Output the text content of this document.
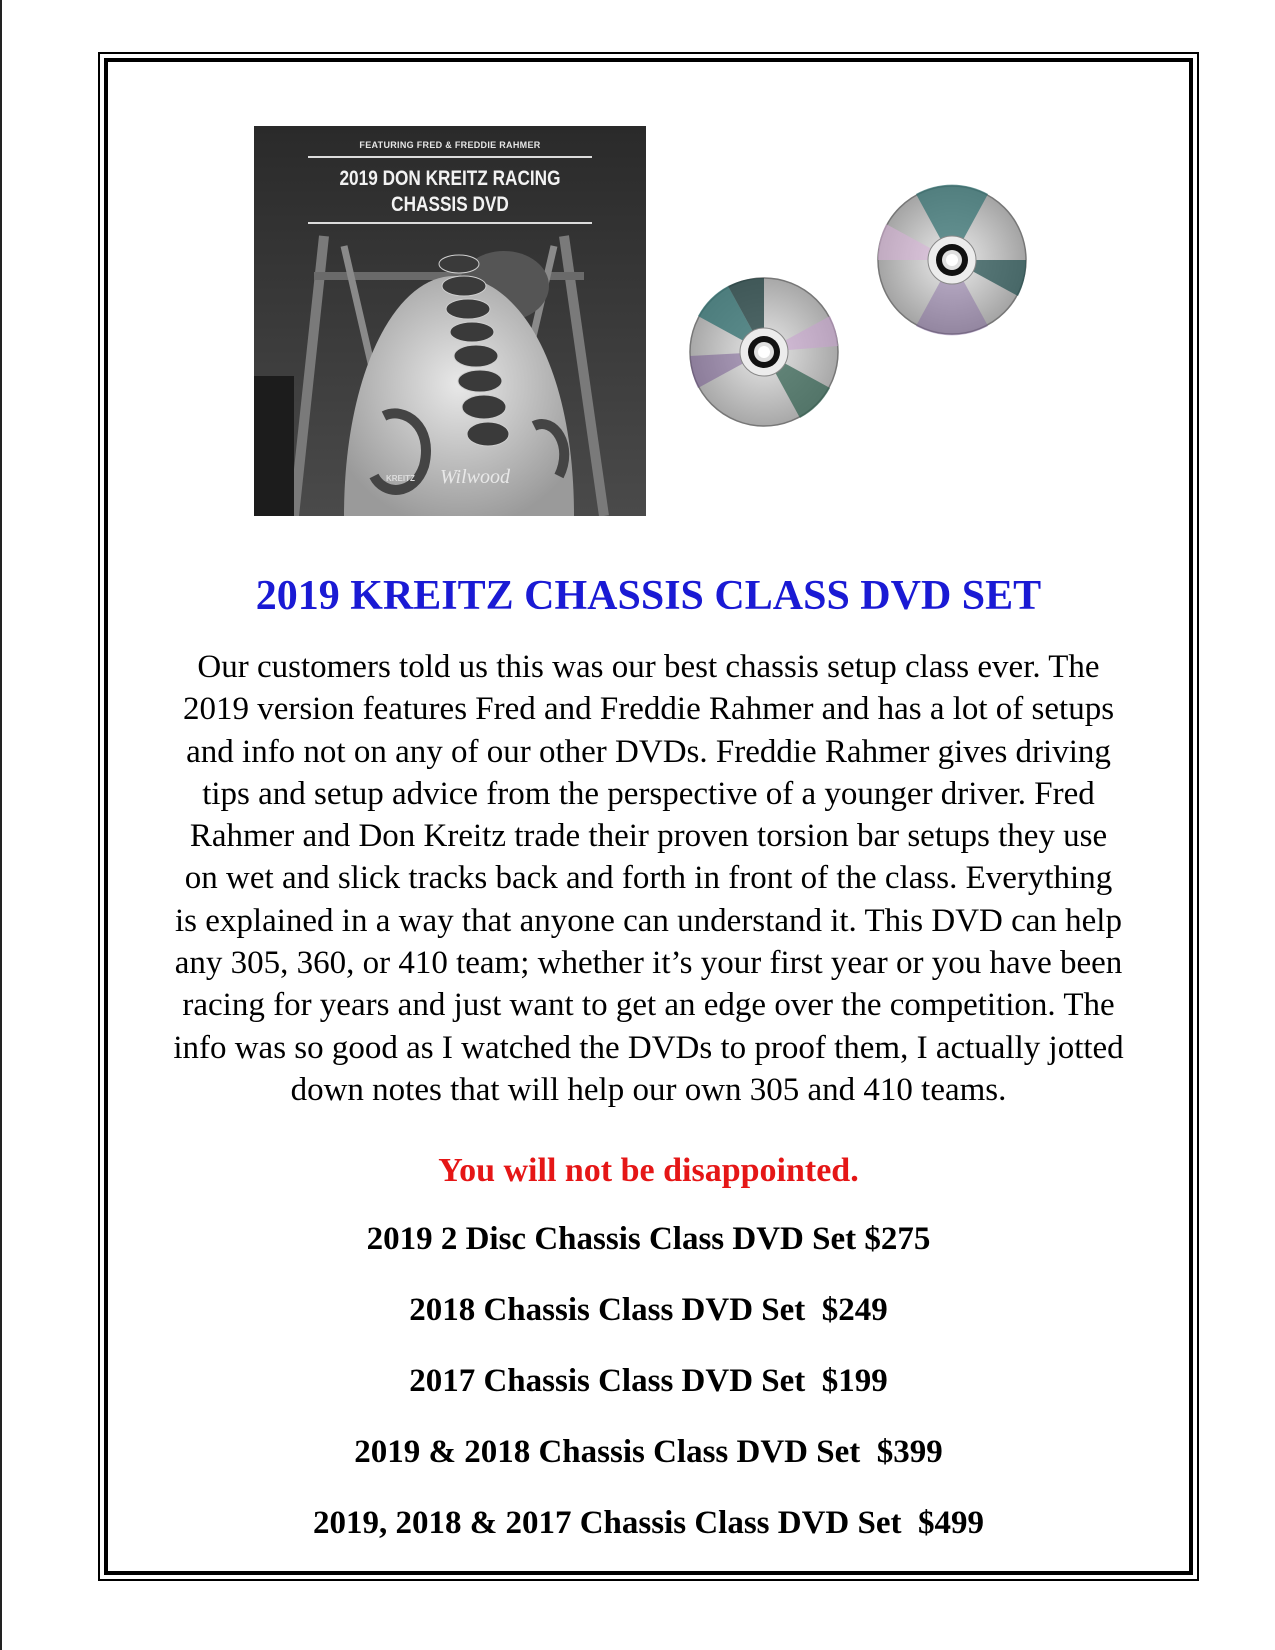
FEATURING FRED & FREDDIE RAHMER
2019 DON KREITZ RACING
CHASSIS DVD
KREITZ Wilwood
2019 KREITZ CHASSIS CLASS DVD SET
Our customers told us this was our best chassis setup class ever. The
2019 version features Fred and Freddie Rahmer and has a lot of setups
and info not on any of our other DVDs. Freddie Rahmer gives driving
tips and setup advice from the perspective of a younger driver. Fred
Rahmer and Don Kreitz trade their proven torsion bar setups they use
on wet and slick tracks back and forth in front of the class. Everything
is explained in a way that anyone can understand it. This DVD can help
any 305, 360, or 410 team; whether it’s your first year or you have been
racing for years and just want to get an edge over the competition. The
info was so good as I watched the DVDs to proof them, I actually jotted
down notes that will help our own 305 and 410 teams.
You will not be disappointed.
2019 2 Disc Chassis Class DVD Set $275
2018 Chassis Class DVD Set  $249
2017 Chassis Class DVD Set  $199
2019 & 2018 Chassis Class DVD Set  $399
2019, 2018 & 2017 Chassis Class DVD Set  $499
